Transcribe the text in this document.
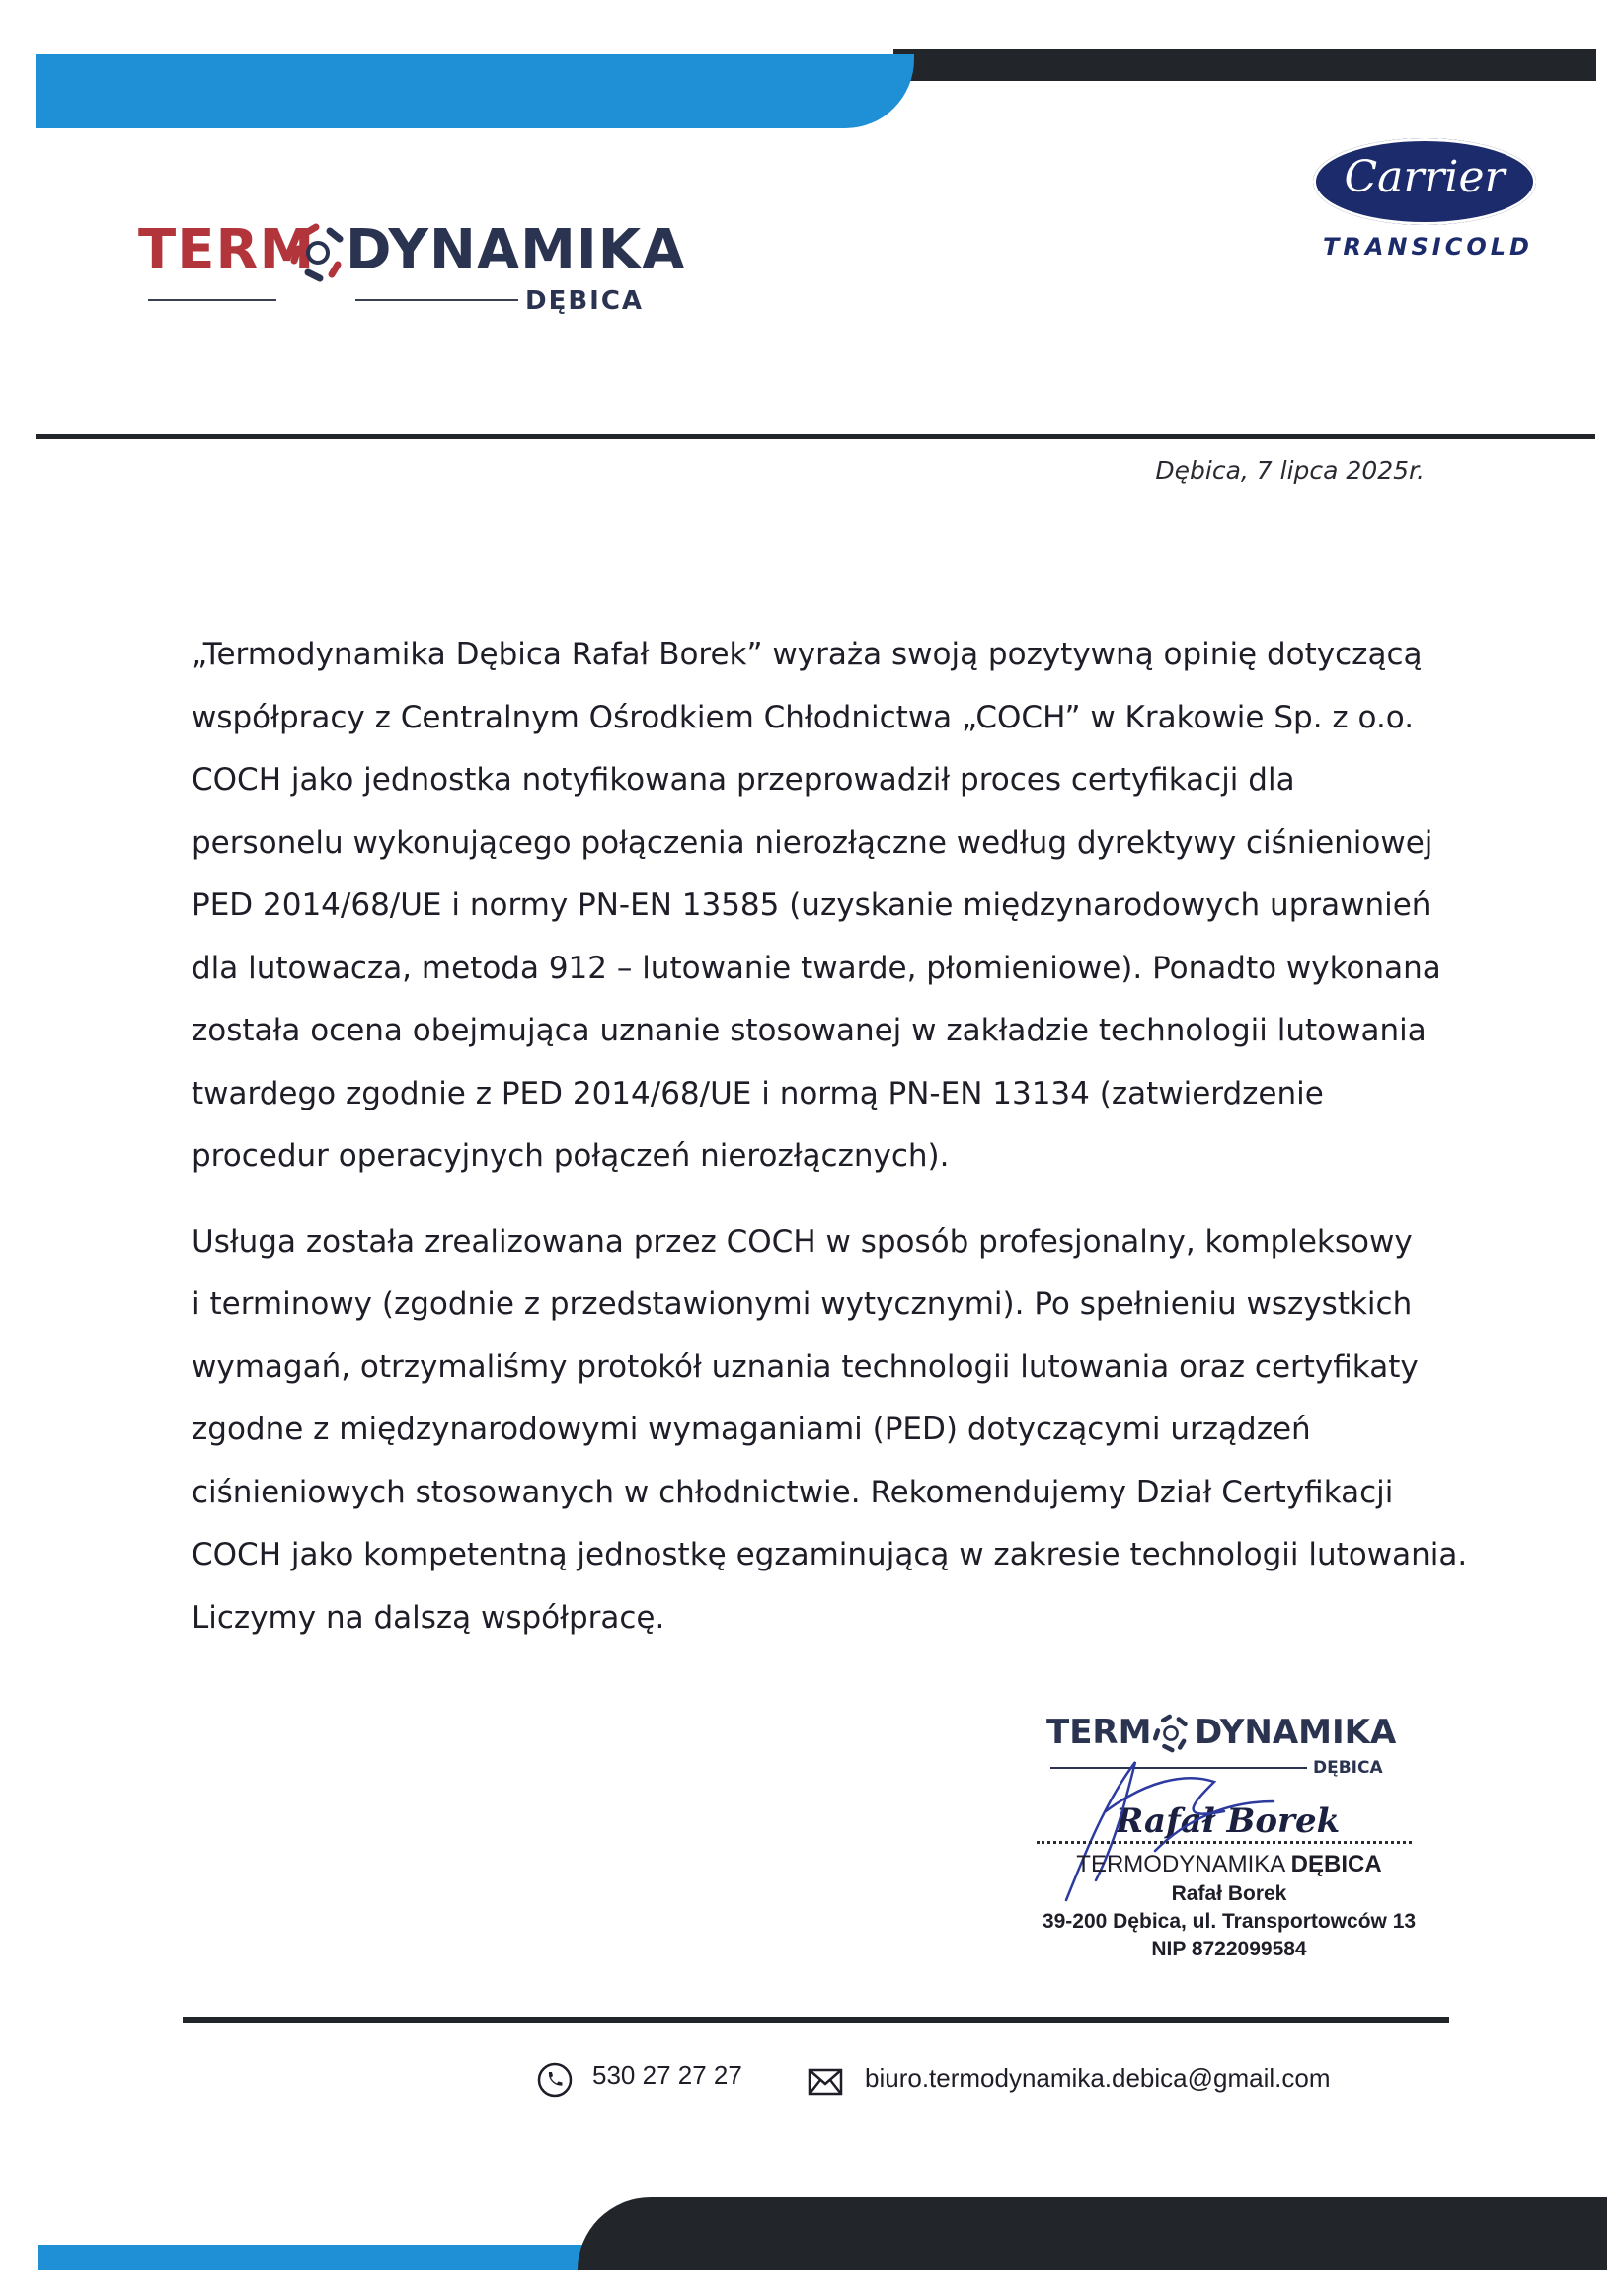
TERM DYNAMIKA
DĘBICA
Carrier
TRANSICOLD
Dębica, 7 lipca 2025r.

„Termodynamika Dębica Rafał Borek” wyraża swoją pozytywną opinię dotyczącą
współpracy z Centralnym Ośrodkiem Chłodnictwa „COCH” w Krakowie Sp. z o.o.
COCH jako jednostka notyfikowana przeprowadził proces certyfikacji dla
personelu wykonującego połączenia nierozłączne według dyrektywy ciśnieniowej
PED 2014/68/UE i normy PN-EN 13585 (uzyskanie międzynarodowych uprawnień
dla lutowacza, metoda 912 – lutowanie twarde, płomieniowe). Ponadto wykonana
została ocena obejmująca uznanie stosowanej w zakładzie technologii lutowania
twardego zgodnie z PED 2014/68/UE i normą PN-EN 13134 (zatwierdzenie
procedur operacyjnych połączeń nierozłącznych).

Usługa została zrealizowana przez COCH w sposób profesjonalny, kompleksowy
i terminowy (zgodnie z przedstawionymi wytycznymi). Po spełnieniu wszystkich
wymagań, otrzymaliśmy protokół uznania technologii lutowania oraz certyfikaty
zgodne z międzynarodowymi wymaganiami (PED) dotyczącymi urządzeń
ciśnieniowych stosowanych w chłodnictwie. Rekomendujemy Dział Certyfikacji
COCH jako kompetentną jednostkę egzaminującą w zakresie technologii lutowania.
Liczymy na dalszą współpracę.

TERM DYNAMIKA
DĘBICA
Rafał Borek
TERMODYNAMIKA DĘBICA
Rafał Borek
39-200 Dębica, ul. Transportowców 13
NIP 8722099584
530 27 27 27	biuro.termodynamika.debica@gmail.com
